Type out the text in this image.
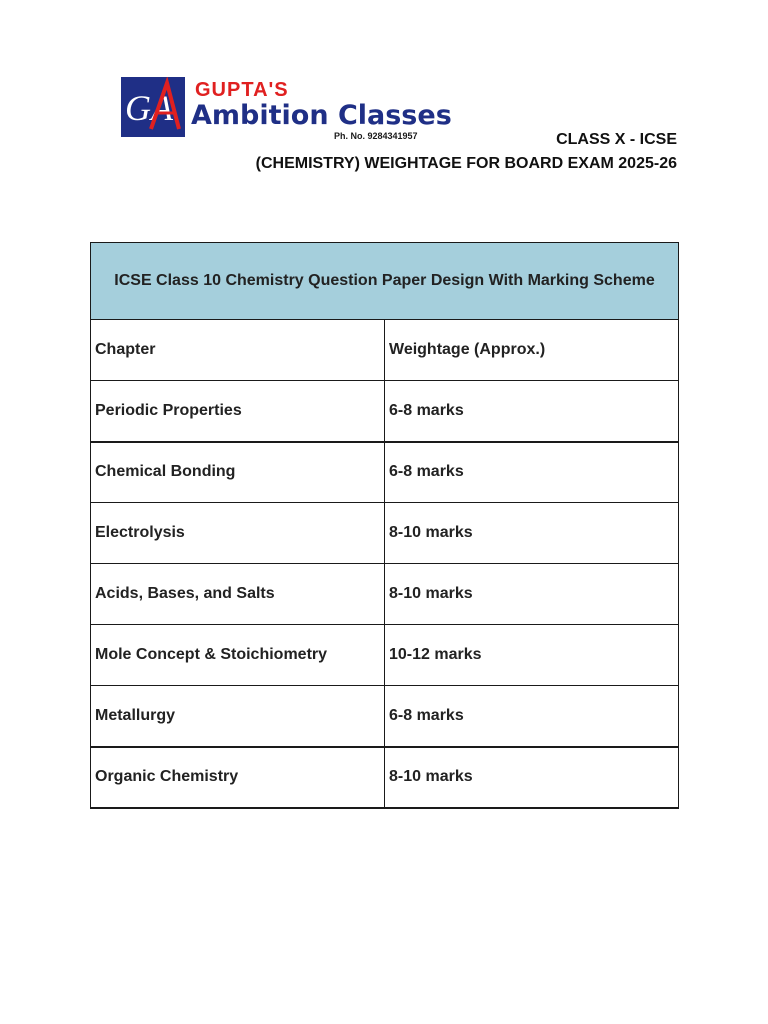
GA GUPTA'S
Ambition Classes
Ph. No. 9284341957	CLASS X - ICSE
(CHEMISTRY) WEIGHTAGE FOR BOARD EXAM 2025-26
ICSE Class 10 Chemistry Question Paper Design With Marking Scheme	
Chapter	Weightage (Approx.)
Periodic Properties	6-8 marks
Chemical Bonding	6-8 marks
Electrolysis	8-10 marks
Acids, Bases, and Salts	8-10 marks
Mole Concept & Stoichiometry	10-12 marks
Metallurgy	6-8 marks
Organic Chemistry	8-10 marks
